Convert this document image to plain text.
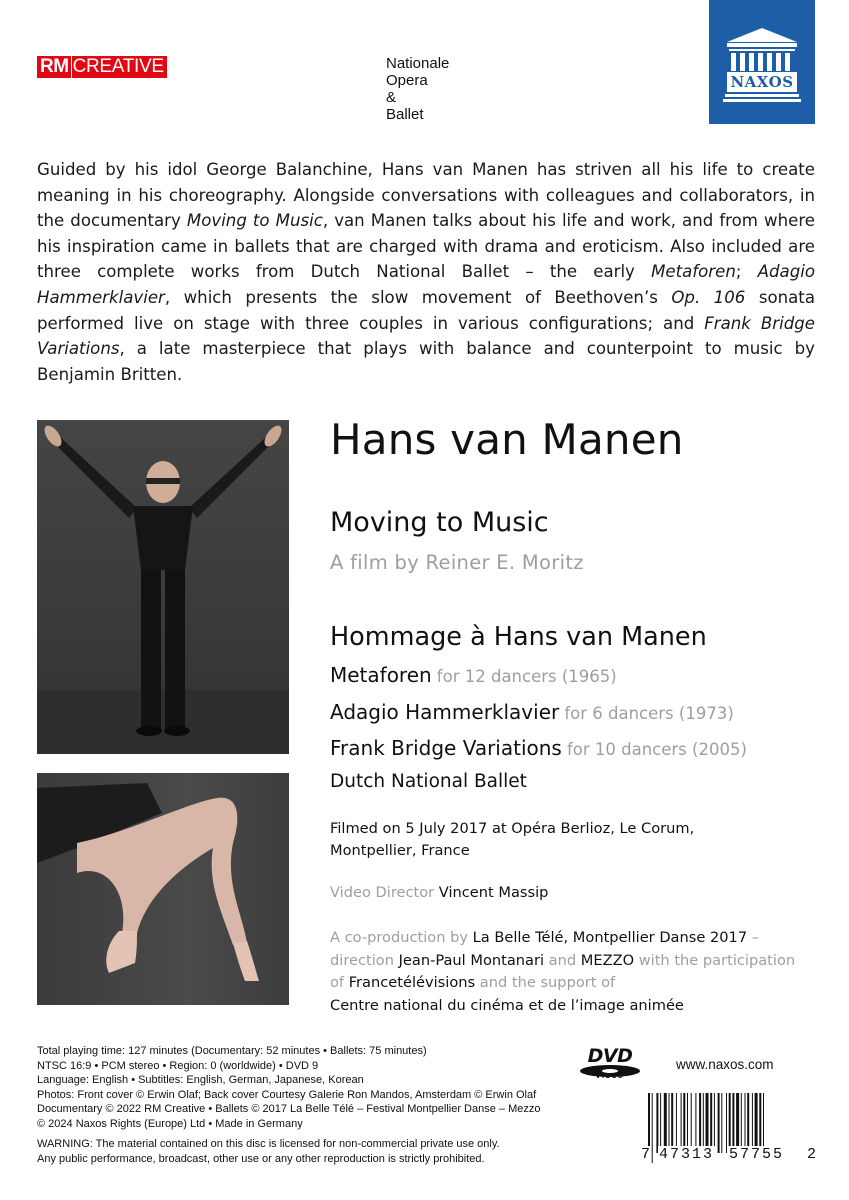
RM CREATIVE	Nationale
Opera
&
Ballet
NAXOS
Guided by his idol George Balanchine, Hans van Manen has striven all his life to create meaning in his choreography. Alongside conversations with colleagues and collaborators, in the documentary Moving to Music, van Manen talks about his life and work, and from where his inspiration came in ballets that are charged with drama and eroticism. Also included are three complete works from Dutch National Ballet – the early Metaforen; Adagio Hammerklavier, which presents the slow movement of Beethoven’s Op. 106 sonata performed live on stage with three couples in various configurations; and Frank Bridge Variations, a late masterpiece that plays with balance and counterpoint to music by Benjamin Britten.
Hans van Manen
Moving to Music
A film by Reiner E. Moritz
Hommage à Hans van Manen
Metaforen for 12 dancers (1965)
Adagio Hammerklavier for 6 dancers (1973)
Frank Bridge Variations for 10 dancers (2005)
Dutch National Ballet
Filmed on 5 July 2017 at Opéra Berlioz, Le Corum, Montpellier, France
Video Director Vincent Massip
A co-production by La Belle Télé, Montpellier Danse 2017 – direction Jean-Paul Montanari and MEZZO with the participation of Francetélévisions and the support of
Centre national du cinéma et de l’image animée
Total playing time: 127 minutes (Documentary: 52 minutes • Ballets: 75 minutes)
NTSC 16:9 • PCM stereo • Region: 0 (worldwide) • DVD 9
Language: English • Subtitles: English, German, Japanese, Korean
Photos: Front cover © Erwin Olaf; Back cover Courtesy Galerie Ron Mandos, Amsterdam © Erwin Olaf
Documentary © 2022 RM Creative • Ballets © 2017 La Belle Télé – Festival Montpellier Danse – Mezzo
© 2024 Naxos Rights (Europe) Ltd • Made in Germany
WARNING: The material contained on this disc is licensed for non-commercial private use only.
Any public performance, broadcast, other use or any other reproduction is strictly prohibited.
DVD
VIDEO
www.naxos.com
7 47313 57755 2
